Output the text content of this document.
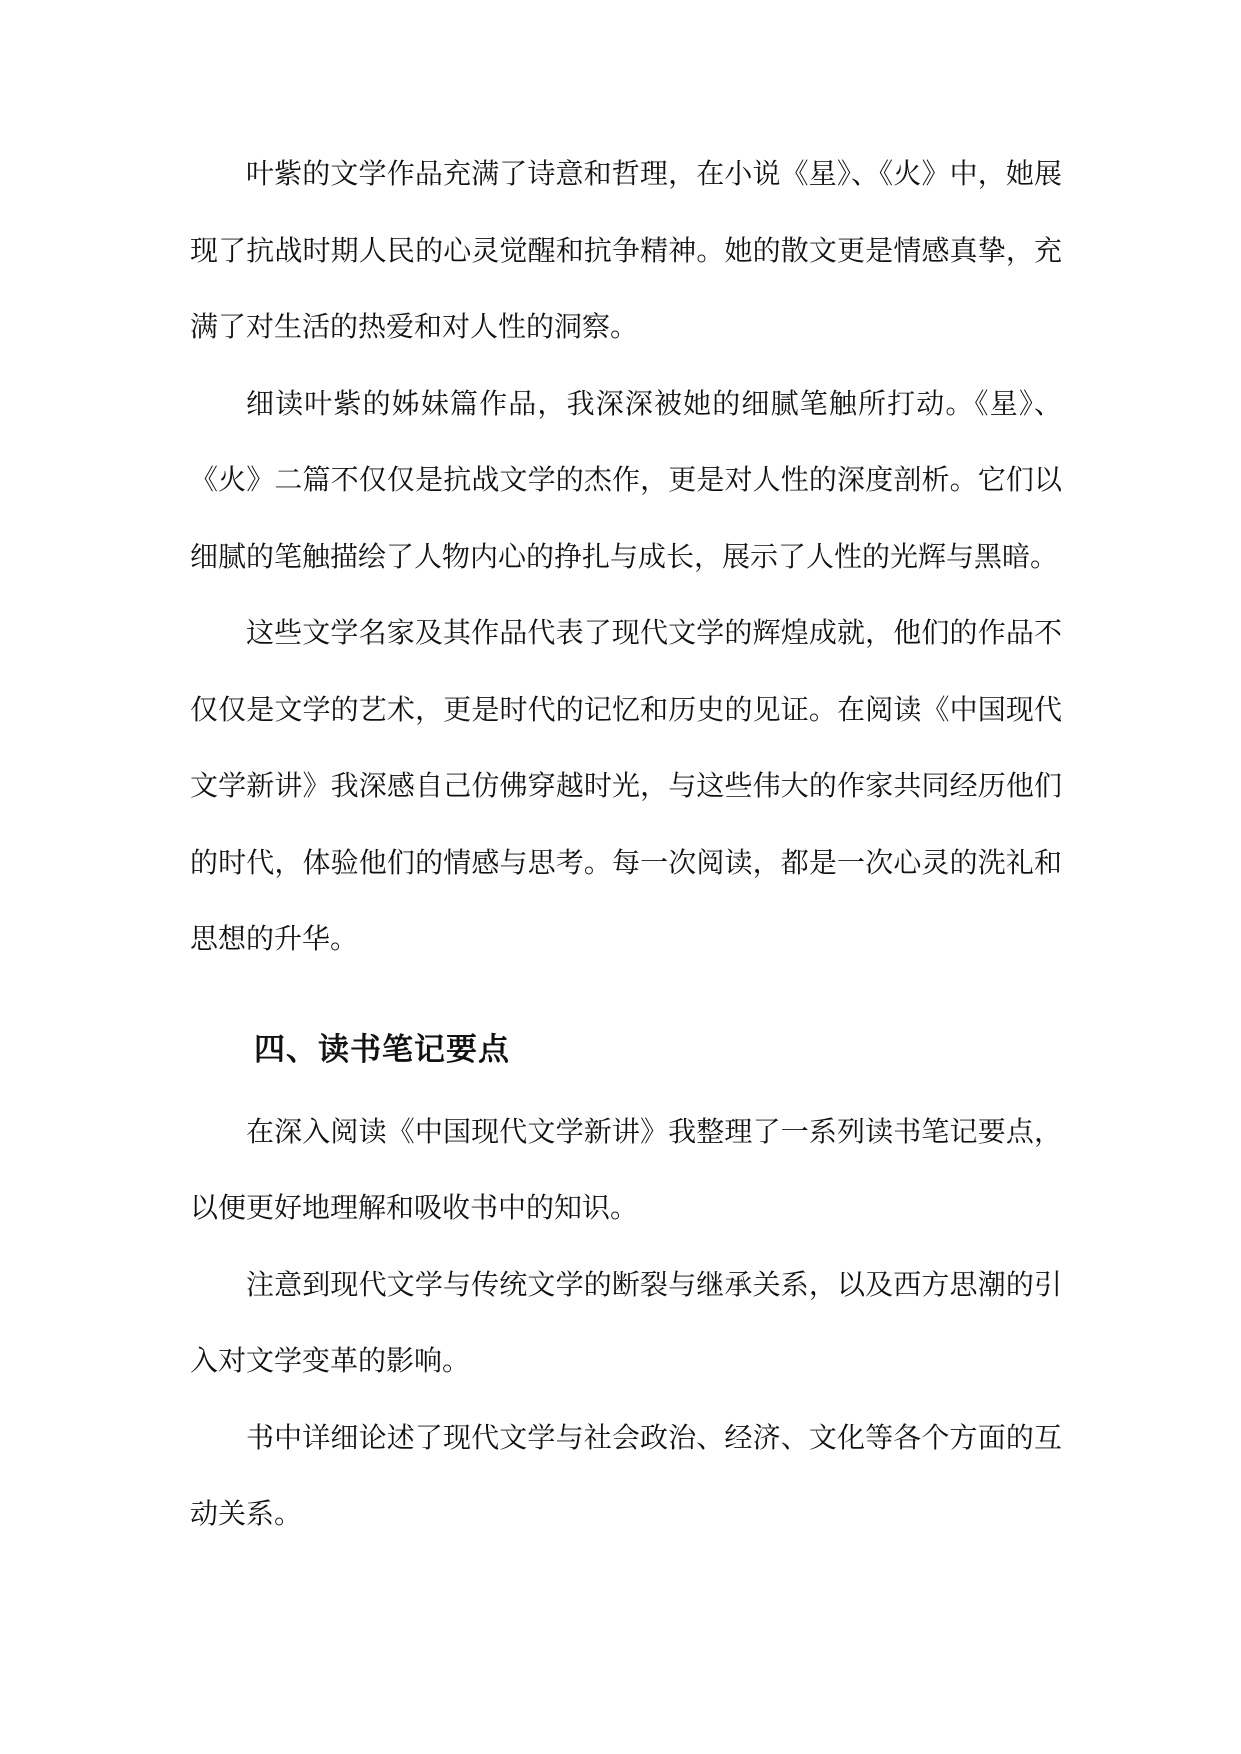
叶紫的文学作品充满了诗意和哲理，在小说《星》、《火》中，她展现了抗战时期人民的心灵觉醒和抗争精神。她的散文更是情感真挚，充满了对生活的热爱和对人性的洞察。

细读叶紫的姊妹篇作品，我深深被她的细腻笔触所打动。《星》、《火》二篇不仅仅是抗战文学的杰作，更是对人性的深度剖析。它们以细腻的笔触描绘了人物内心的挣扎与成长，展示了人性的光辉与黑暗。

这些文学名家及其作品代表了现代文学的辉煌成就，他们的作品不仅仅是文学的艺术，更是时代的记忆和历史的见证。在阅读《中国现代文学新讲》我深感自己仿佛穿越时光，与这些伟大的作家共同经历他们的时代，体验他们的情感与思考。每一次阅读，都是一次心灵的洗礼和思想的升华。

四、读书笔记要点

在深入阅读《中国现代文学新讲》我整理了一系列读书笔记要点，以便更好地理解和吸收书中的知识。

注意到现代文学与传统文学的断裂与继承关系，以及西方思潮的引入对文学变革的影响。

书中详细论述了现代文学与社会政治、经济、文化等各个方面的互动关系。
